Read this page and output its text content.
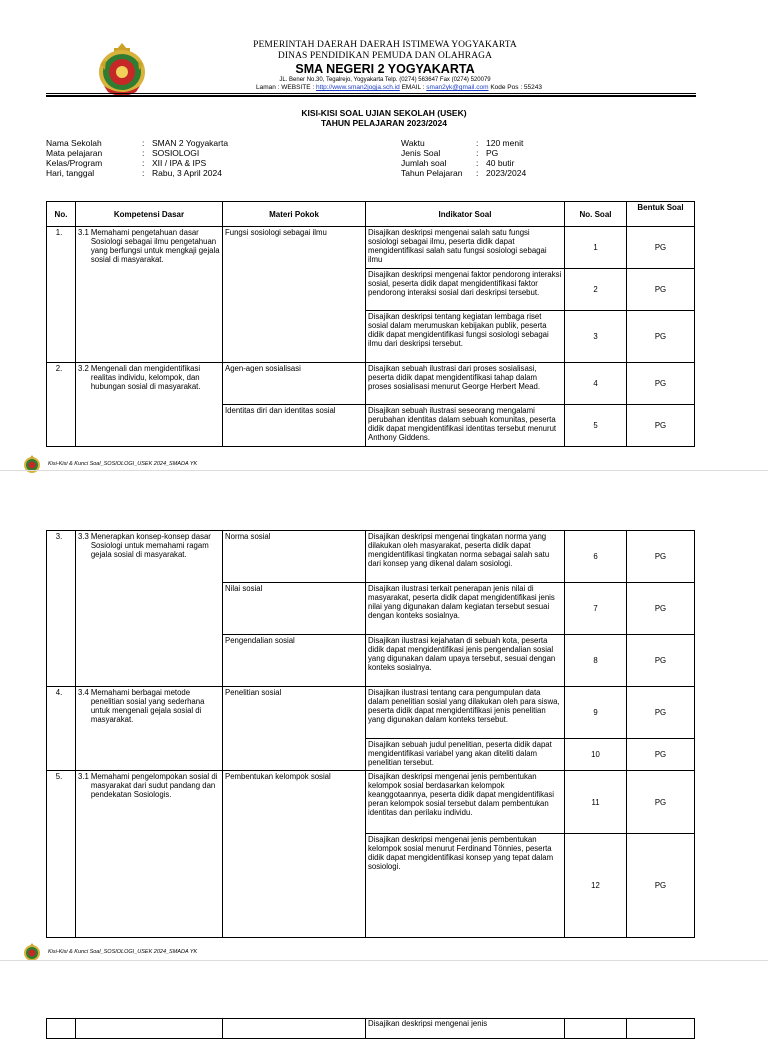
PEMERINTAH DAERAH DAERAH ISTIMEWA YOGYAKARTA
DINAS PENDIDIKAN PEMUDA DAN OLAHRAGA
SMA NEGERI 2 YOGYAKARTA
JL. Bener No.30, Tegalrejo, Yogyakarta Telp. (0274) 563647 Fax (0274) 520079
Laman : WEBSITE : http://www.sman2jogja.sch.id EMAIL : sman2yk@gmail.com Kode Pos : 55243
KISI-KISI SOAL UJIAN SEKOLAH (USEK)
TAHUN PELAJARAN 2023/2024
Nama Sekolah	: SMAN 2 Yogyakarta
Mata pelajaran	: SOSIOLOGI
Kelas/Program	: XII / IPA & IPS
Hari, tanggal	: Rabu, 3 April 2024
Waktu	: 120 menit
Jenis Soal	: PG
Jumlah soal	: 40 butir
Tahun Pelajaran	: 2023/2024
No.	Kompetensi Dasar	Materi Pokok	Indikator Soal	No. Soal	Bentuk Soal
1.	3.1 Memahami pengetahuan dasar Sosiologi sebagai ilmu pengetahuan yang berfungsi untuk mengkaji gejala sosial di masyarakat.	Fungsi sosiologi sebagai ilmu	Disajikan deskripsi mengenai salah satu fungsi sosiologi sebagai ilmu, peserta didik dapat mengidentifikasi salah satu fungsi sosiologi sebagai ilmu	1	PG
			Disajikan deskripsi mengenai faktor pendorong interaksi sosial, peserta didik dapat mengidentifikasi faktor pendorong interaksi sosial dari deskripsi tersebut.	2	PG
			Disajikan deskripsi tentang kegiatan lembaga riset sosial dalam merumuskan kebijakan publik, peserta didik dapat mengidentifikasi fungsi sosiologi sebagai ilmu dari deskripsi tersebut.	3	PG
2.	3.2 Mengenali dan mengidentifikasi realitas individu, kelompok, dan hubungan sosial di masyarakat.	Agen-agen sosialisasi	Disajikan sebuah ilustrasi dari proses sosialisasi, peserta didik dapat mengidentifikasi tahap dalam proses sosialisasi menurut George Herbert Mead.	4	PG
		Identitas diri dan identitas sosial	Disajikan sebuah ilustrasi seseorang mengalami perubahan identitas dalam sebuah komunitas, peserta didik dapat mengidentifikasi identitas tersebut menurut Anthony Giddens.	5	PG
Kisi-Kisi & Kunci Soal_SOSIOLOGI_USEK 2024_SMADA YK
3.	3.3 Menerapkan konsep-konsep dasar Sosiologi untuk memahami ragam gejala sosial di masyarakat.	Norma sosial	Disajikan deskripsi mengenai tingkatan norma yang dilakukan oleh masyarakat, peserta didik dapat mengidentifikasi tingkatan norma sebagai salah satu dari konsep yang dikenal dalam sosiologi.	6	PG
		Nilai sosial	Disajikan ilustrasi terkait penerapan jenis nilai di masyarakat, peserta didik dapat mengidentifikasi jenis nilai yang digunakan dalam kegiatan tersebut sesuai dengan konteks sosialnya.	7	PG
		Pengendalian sosial	Disajikan ilustrasi kejahatan di sebuah kota, peserta didik dapat mengidentifikasi jenis pengendalian sosial yang digunakan dalam upaya tersebut, sesuai dengan konteks sosialnya.	8	PG
4.	3.4 Memahami berbagai metode penelitian sosial yang sederhana untuk mengenali gejala sosial di masyarakat.	Penelitian sosial	Disajikan ilustrasi tentang cara pengumpulan data dalam penelitian sosial yang dilakukan oleh para siswa, peserta didik dapat mengidentifikasi jenis penelitian yang digunakan dalam konteks tersebut.	9	PG
			Disajikan sebuah judul penelitian, peserta didik dapat mengidentifikasi variabel yang akan diteliti dalam penelitian tersebut.	10	PG
5.	3.1 Memahami pengelompokan sosial di masyarakat dari sudut pandang dan pendekatan Sosiologis.	Pembentukan kelompok sosial	Disajikan deskripsi mengenai jenis pembentukan kelompok sosial berdasarkan kelompok keanggotaannya, peserta didik dapat mengidentifikasi peran kelompok sosial tersebut dalam pembentukan identitas dan perilaku individu.	11	PG
			Disajikan deskripsi mengenai jenis pembentukan kelompok sosial menurut Ferdinand Tönnies, peserta didik dapat mengidentifikasi konsep yang tepat dalam sosiologi.	12	PG
Kisi-Kisi & Kunci Soal_SOSIOLOGI_USEK 2024_SMADA YK
			Disajikan deskripsi mengenai jenis		
